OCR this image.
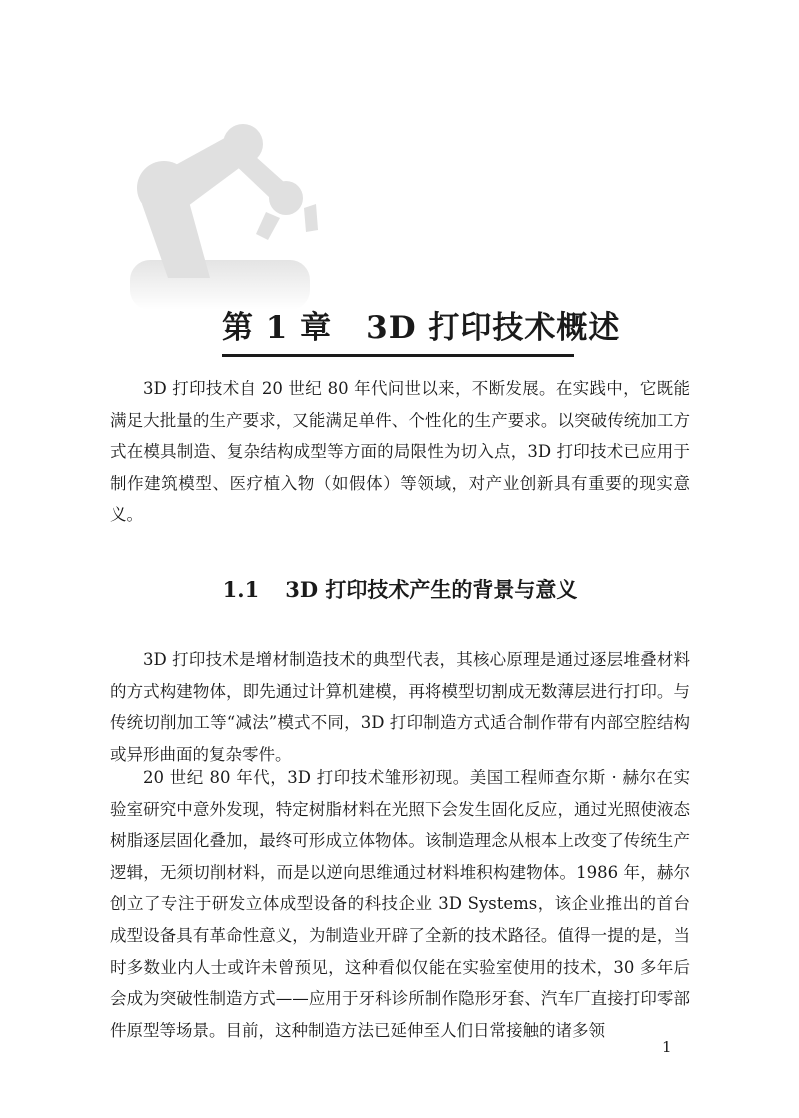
第 1 章 3D 打印技术概述

3D 打印技术自 20 世纪 80 年代问世以来，不断发展。在实践中，它既能满足大批量的生产要求，又能满足单件、个性化的生产要求。以突破传统加工方式在模具制造、复杂结构成型等方面的局限性为切入点，3D 打印技术已应用于制作建筑模型、医疗植入物（如假体）等领域，对产业创新具有重要的现实意义。

1.1 3D 打印技术产生的背景与意义

3D 打印技术是增材制造技术的典型代表，其核心原理是通过逐层堆叠材料的方式构建物体，即先通过计算机建模，再将模型切割成无数薄层进行打印。与传统切削加工等“减法”模式不同，3D 打印制造方式适合制作带有内部空腔结构或异形曲面的复杂零件。

20 世纪 80 年代，3D 打印技术雏形初现。美国工程师查尔斯 · 赫尔在实验室研究中意外发现，特定树脂材料在光照下会发生固化反应，通过光照使液态树脂逐层固化叠加，最终可形成立体物体。该制造理念从根本上改变了传统生产逻辑，无须切削材料，而是以逆向思维通过材料堆积构建物体。1986 年，赫尔创立了专注于研发立体成型设备的科技企业 3D Systems，该企业推出的首台成型设备具有革命性意义，为制造业开辟了全新的技术路径。值得一提的是，当时多数业内人士或许未曾预见，这种看似仅能在实验室使用的技术，30 多年后会成为突破性制造方式——应用于牙科诊所制作隐形牙套、汽车厂直接打印零部件原型等场景。目前，这种制造方法已延伸至人们日常接触的诸多领

1
